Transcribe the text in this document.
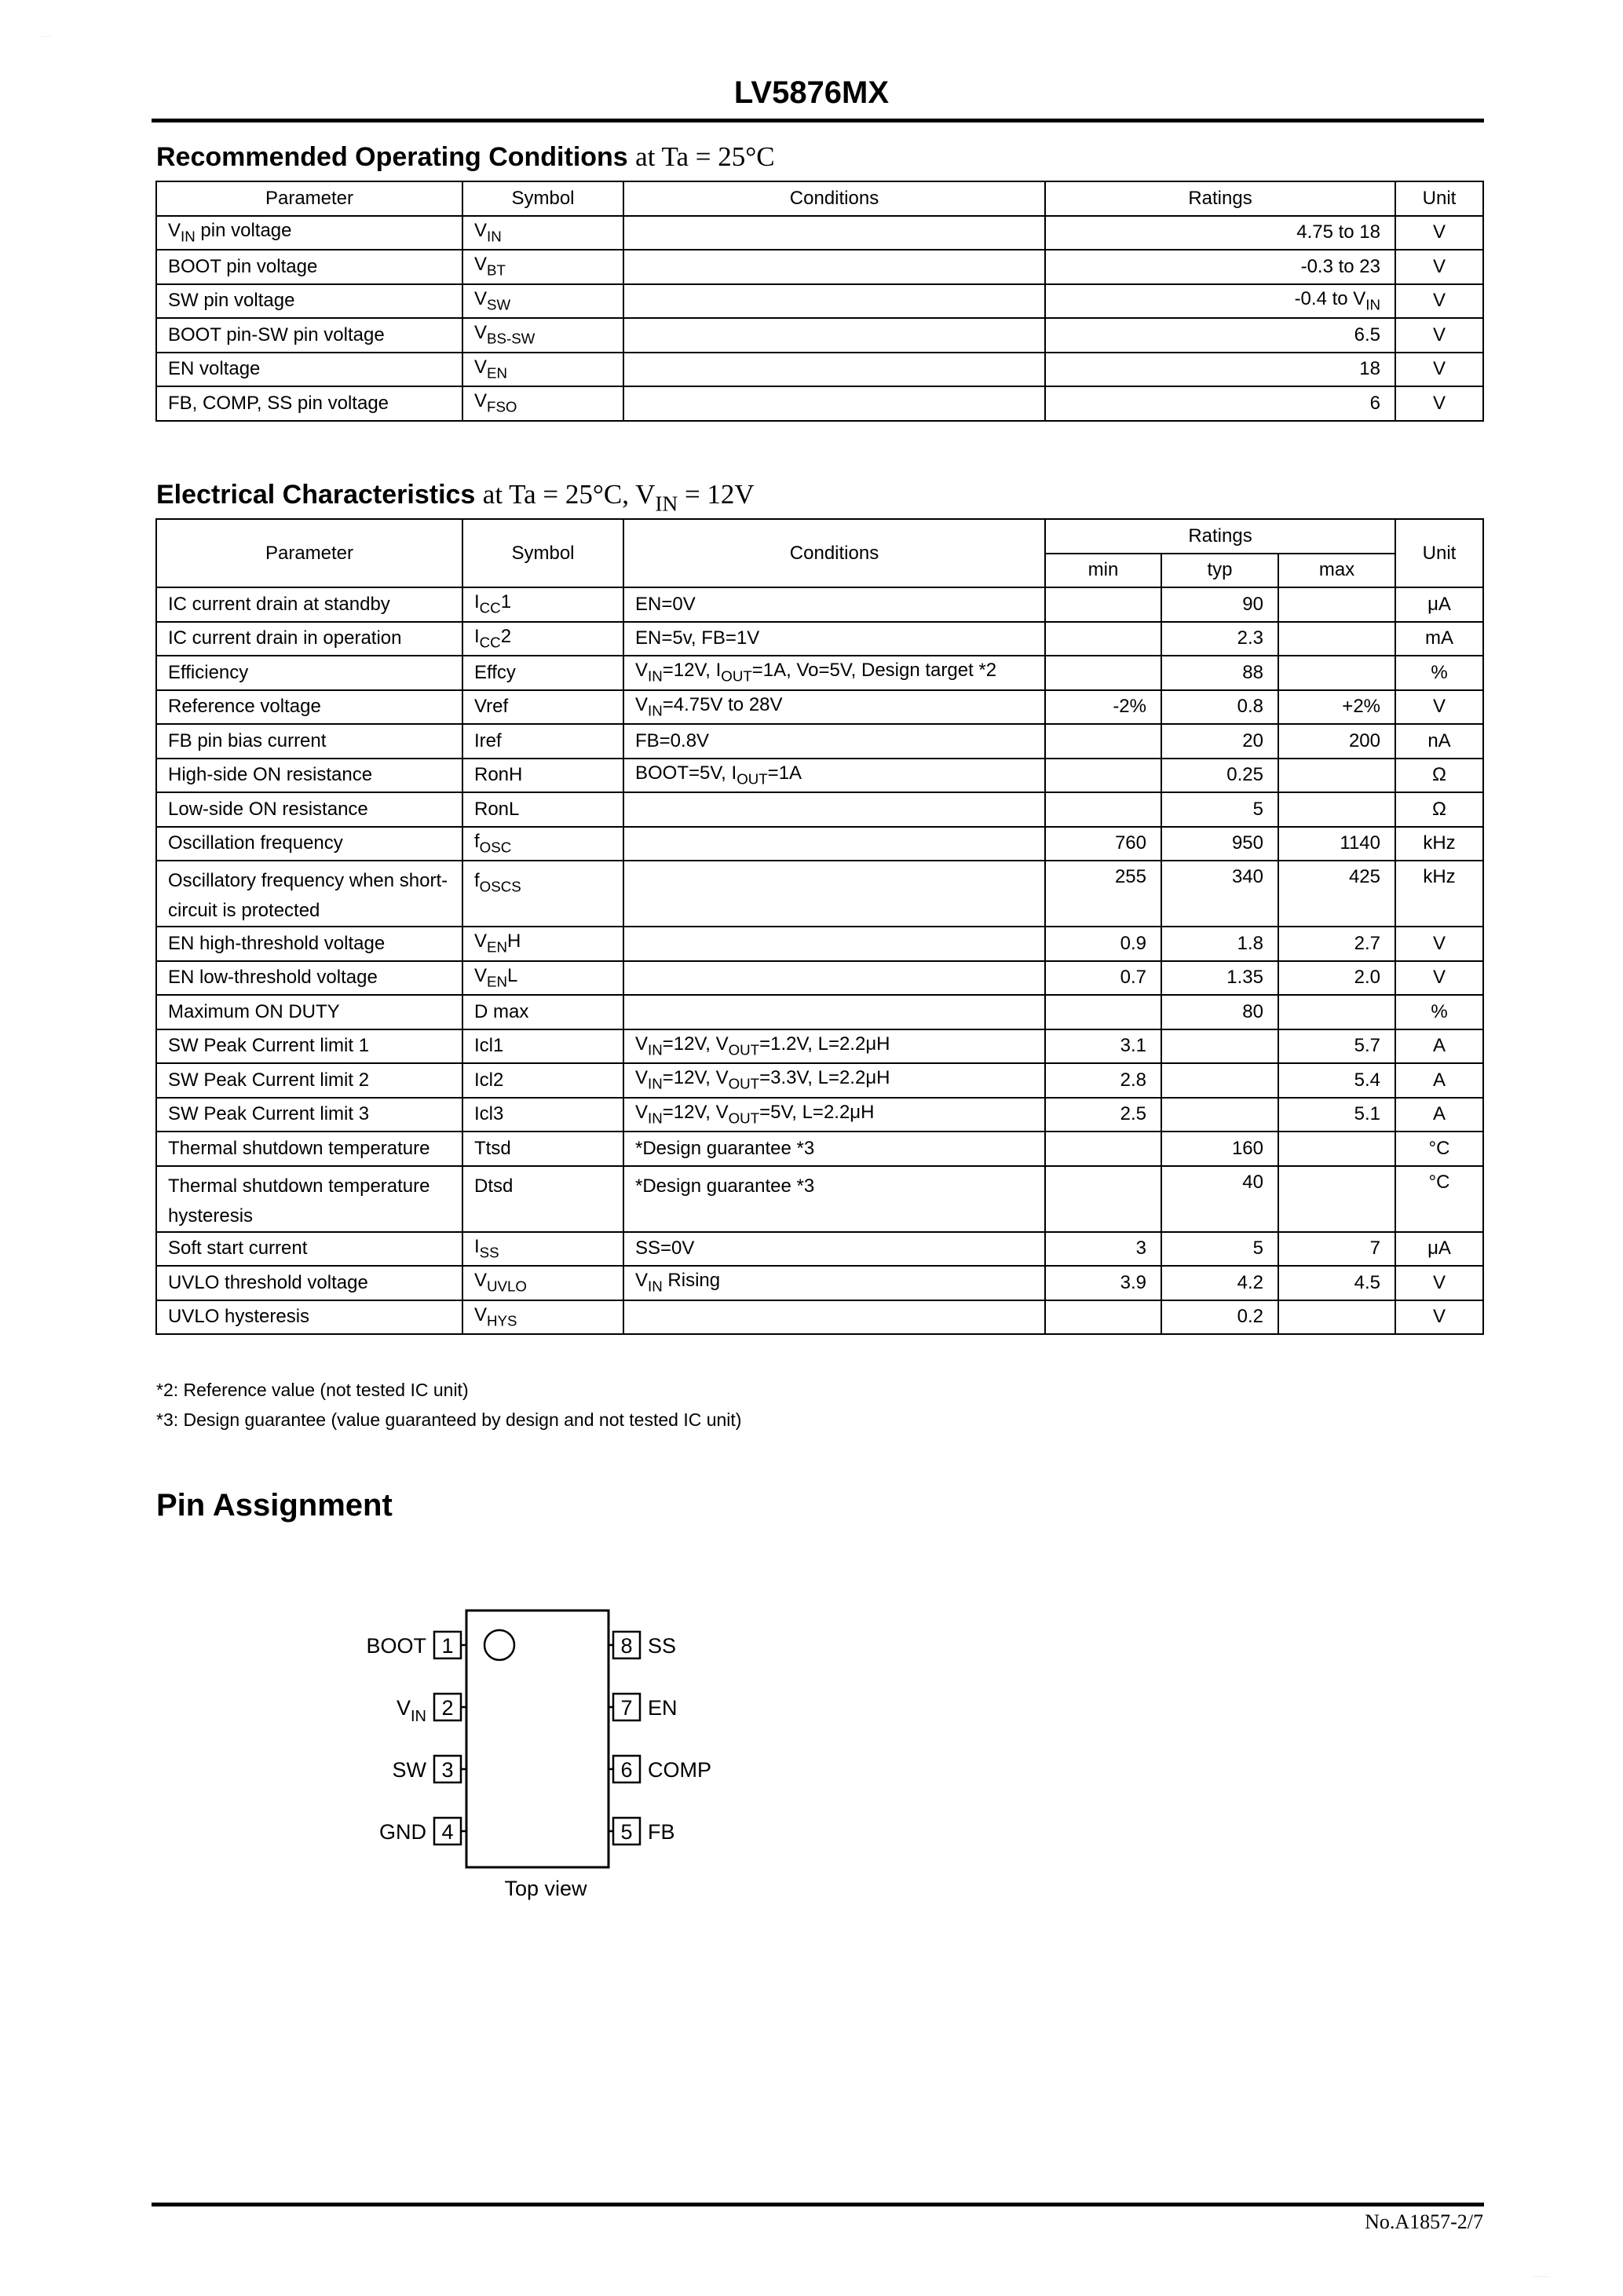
·····
·········
LV5876MX
Recommended Operating Conditions at Ta = 25°C
Parameter	Symbol	Conditions	Ratings	Unit
$V_{IN}$ pin voltage	$V_{IN}$		4.75 to 18	V
BOOT pin voltage	$V_{BT}$		-0.3 to 23	V
SW pin voltage	$V_{SW}$		-0.4 to $V_{IN}$	V
BOOT pin-SW pin voltage	$V_{BS-SW}$		6.5	V
EN voltage	$V_{EN}$		18	V
FB, COMP, SS pin voltage	$V_{FSO}$		6	V
Electrical Characteristics at Ta = 25°C, $V_{IN} = 12V$
Parameter	Symbol	Conditions	Ratings			Unit
			min	typ	max	
IC current drain at standby	$I_{CC}1$	EN=0V		90		μA
IC current drain in operation	$I_{CC}2$	EN=5v, FB=1V		2.3		mA
Efficiency	Effcy	$V_{IN}=12V$, $I_{OUT}=1A$, Vo=5V, Design target *2		88		%
Reference voltage	Vref	$V_{IN}=4.75V$ to 28V	-2%	0.8	+2%	V
FB pin bias current	Iref	FB=0.8V		20	200	nA
High-side ON resistance	RonH	BOOT=5V, $I_{OUT}=1A$		0.25		Ω
Low-side ON resistance	RonL			5		Ω
Oscillation frequency	$f_{OSC}$		760	950	1140	kHz
Oscillatory frequency when short-circuit is protected	$f_{OSCS}$		255	340	425	kHz
EN high-threshold voltage	$V_{EN}H$		0.9	1.8	2.7	V
EN low-threshold voltage	$V_{EN}L$		0.7	1.35	2.0	V
Maximum ON DUTY	D max			80		%
SW Peak Current limit 1	Icl1	$V_{IN}=12V$, $V_{OUT}=1.2V$, L=2.2μH	3.1		5.7	A
SW Peak Current limit 2	Icl2	$V_{IN}=12V$, $V_{OUT}=3.3V$, L=2.2μH	2.8		5.4	A
SW Peak Current limit 3	Icl3	$V_{IN}=12V$, $V_{OUT}=5V$, L=2.2μH	2.5		5.1	A
Thermal shutdown temperature	Ttsd	*Design guarantee *3		160		°C
Thermal shutdown temperature hysteresis	Dtsd	*Design guarantee *3		40		°C
Soft start current	$I_{SS}$	SS=0V	3	5	7	μA
UVLO threshold voltage	$V_{UVLO}$	$V_{IN}$ Rising	3.9	4.2	4.5	V
UVLO hysteresis	$V_{HYS}$			0.2		V
*2: Reference value (not tested IC unit)
*3: Design guarantee (value guaranteed by design and not tested IC unit)
Pin Assignment
1
BOOT
2
$V_{IN}$
3
SW
4
GND
8 SS
7 EN
6 COMP
5 FB
Top view
No.A1857-2/7
